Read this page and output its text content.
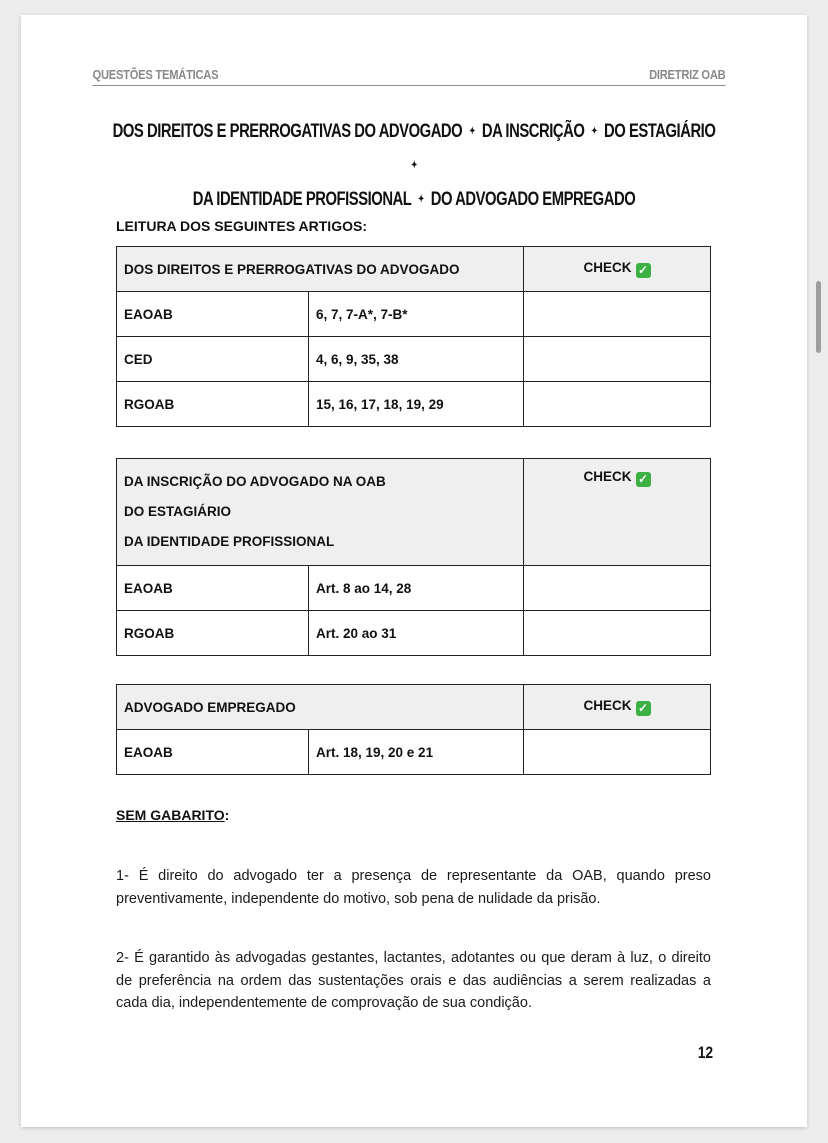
QUESTÕES TEMÁTICAS	DIRETRIZ OAB
DOS DIREITOS E PRERROGATIVAS DO ADVOGADO ✦ DA INSCRIÇÃO ✦ DO ESTAGIÁRIO ✦
DA IDENTIDADE PROFISSIONAL ✦ DO ADVOGADO EMPREGADO
LEITURA DOS SEGUINTES ARTIGOS:
DOS DIREITOS E PRERROGATIVAS DO ADVOGADO		CHECK ✓
EAOAB	6, 7, 7-A*, 7-B*	
CED	4, 6, 9, 35, 38	
RGOAB	15, 16, 17, 18, 19, 29	
DA INSCRIÇÃO DO ADVOGADO NA OAB
DO ESTAGIÁRIO
DA IDENTIDADE PROFISSIONAL		CHECK ✓
EAOAB	Art. 8 ao 14, 28	
RGOAB	Art. 20 ao 31	
ADVOGADO EMPREGADO		CHECK ✓
EAOAB	Art. 18, 19, 20 e 21	
SEM GABARITO:
1- É direito do advogado ter a presença de representante da OAB, quando preso preventivamente, independente do motivo, sob pena de nulidade da prisão.
2- É garantido às advogadas gestantes, lactantes, adotantes ou que deram à luz, o direito de preferência na ordem das sustentações orais e das audiências a serem realizadas a cada dia, independentemente de comprovação de sua condição.
12
